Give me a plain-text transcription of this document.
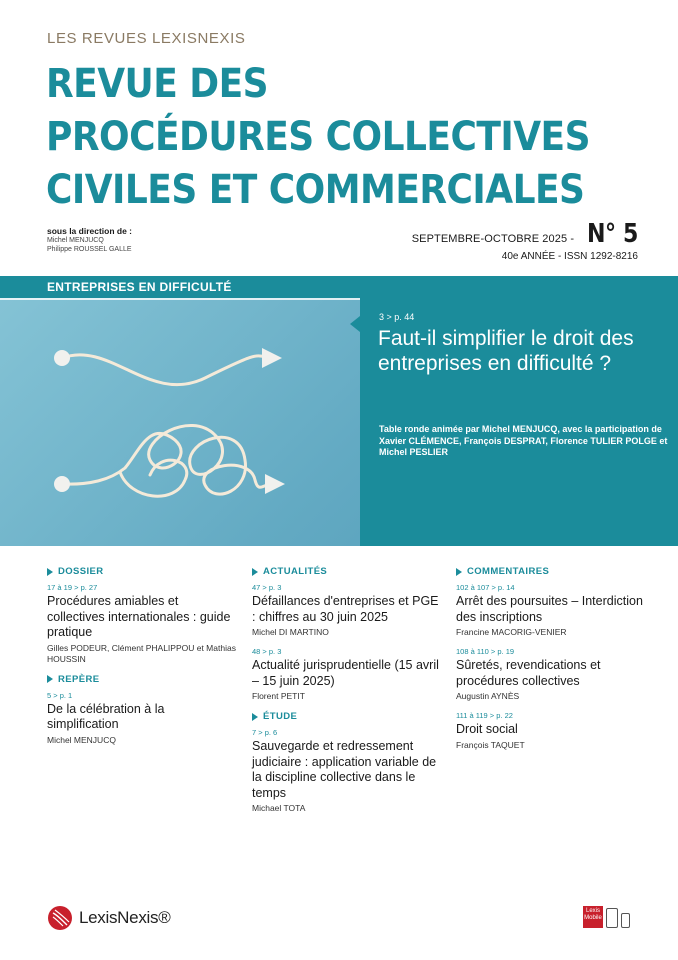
LES REVUES LEXISNEXIS
REVUE DES
PROCÉDURES COLLECTIVES
CIVILES ET COMMERCIALES
sous la direction de :
Michel MENJUCQ
Philippe ROUSSEL GALLE
SEPTEMBRE-OCTOBRE 2025 - N° 5
40e ANNÉE - ISSN 1292-8216
ENTREPRISES EN DIFFICULTÉ
3 > p. 44
Faut-il simplifier le droit des entreprises en difficulté ?
Table ronde animée par Michel MENJUCQ, avec la participation de Xavier CLÉMENCE, François DESPRAT, Florence TULIER POLGE et Michel PESLIER
DOSSIER
17 à 19 > p. 27
Procédures amiables et collectives internationales : guide pratique
Gilles PODEUR, Clément PHALIPPOU et Mathias HOUSSIN
REPÈRE
5 > p. 1
De la célébration à la simplification
Michel MENJUCQ
ACTUALITÉS
47 > p. 3
Défaillances d'entreprises et PGE : chiffres au 30 juin 2025
Michel DI MARTINO
48 > p. 3
Actualité jurisprudentielle (15 avril – 15 juin 2025)
Florent PETIT
ÉTUDE
7 > p. 6
Sauvegarde et redressement judiciaire : application variable de la discipline collective dans le temps
Michael TOTA
COMMENTAIRES
102 à 107 > p. 14
Arrêt des poursuites – Interdiction des inscriptions
Francine MACORIG-VENIER
108 à 110 > p. 19
Sûretés, revendications et procédures collectives
Augustin AYNÈS
111 à 119 > p. 22
Droit social
François TAQUET
LexisNexis®	Lexis Mobile
